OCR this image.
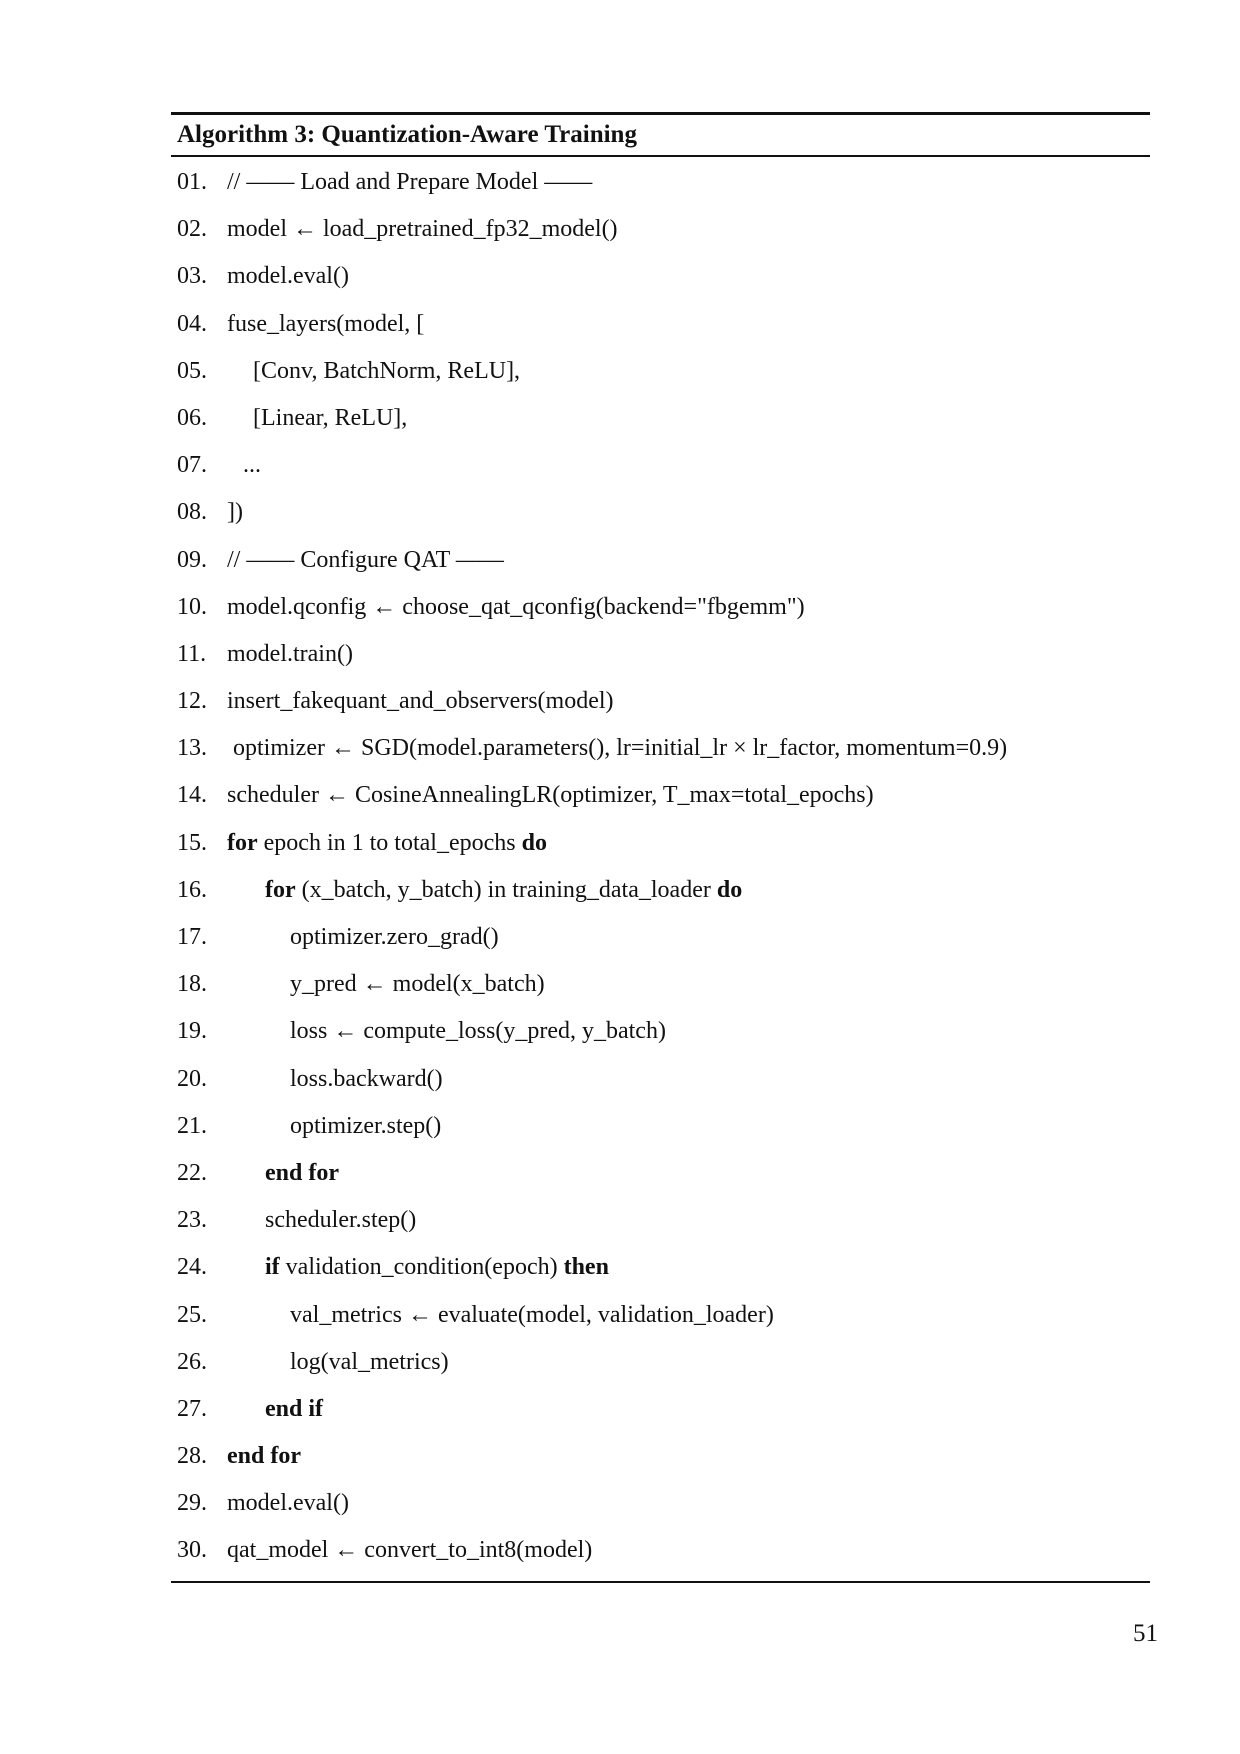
Algorithm 3: Quantization-Aware Training
01. // —— Load and Prepare Model ——
02. model ← load_pretrained_fp32_model()
03. model.eval()
04. fuse_layers(model, [
05.	[Conv, BatchNorm, ReLU],
06.	[Linear, ReLU],
07.	...
08. ])
09. // —— Configure QAT ——
10. model.qconfig ← choose_qat_qconfig(backend="fbgemm")
11. model.train()
12. insert_fakequant_and_observers(model)
13.	optimizer ← SGD(model.parameters(), lr=initial_lr × lr_factor, momentum=0.9)
14. scheduler ← CosineAnnealingLR(optimizer, T_max=total_epochs)
15. for epoch in 1 to total_epochs do
16.	for (x_batch, y_batch) in training_data_loader do
17.	optimizer.zero_grad()
18.	y_pred ← model(x_batch)
19.	loss ← compute_loss(y_pred, y_batch)
20.	loss.backward()
21.	optimizer.step()
22.	end for
23.	scheduler.step()
24.	if validation_condition(epoch) then
25.	val_metrics ← evaluate(model, validation_loader)
26.	log(val_metrics)
27.	end if
28. end for
29. model.eval()
30. qat_model ← convert_to_int8(model)
51
